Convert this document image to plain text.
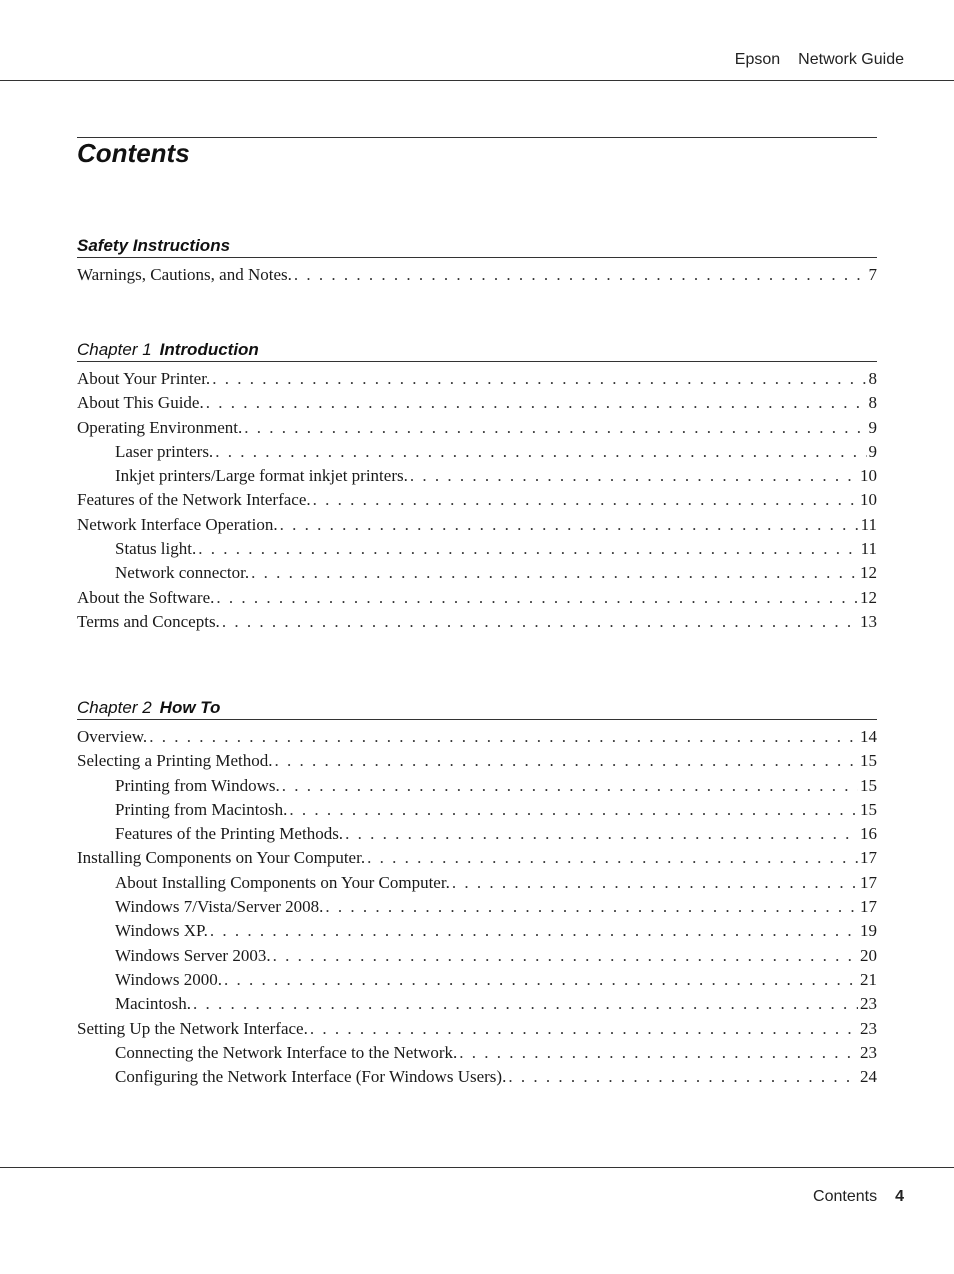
Epson Network Guide
Contents
Safety Instructions
Warnings, Cautions, and Notes. . . .	7
Chapter 1 Introduction
About Your Printer. . . .	8
About This Guide. . . .	8
Operating Environment. . . .	9
Laser printers. . . .	9
Inkjet printers/Large format inkjet printers. . . .	10
Features of the Network Interface. . . .	10
Network Interface Operation. . . .	11
Status light. . . .	11
Network connector. . . .	12
About the Software. . . .	12
Terms and Concepts. . . .	13
Chapter 2 How To
Overview. . . .	14
Selecting a Printing Method. . . .	15
Printing from Windows. . . .	15
Printing from Macintosh. . . .	15
Features of the Printing Methods. . . .	16
Installing Components on Your Computer. . . .	17
About Installing Components on Your Computer. . . .	17
Windows 7/Vista/Server 2008. . . .	17
Windows XP. . . .	19
Windows Server 2003. . . .	20
Windows 2000. . . .	21
Macintosh. . . .	23
Setting Up the Network Interface. . . .	23
Connecting the Network Interface to the Network. . . .	23
Configuring the Network Interface (For Windows Users). . . .	24
Contents 4
